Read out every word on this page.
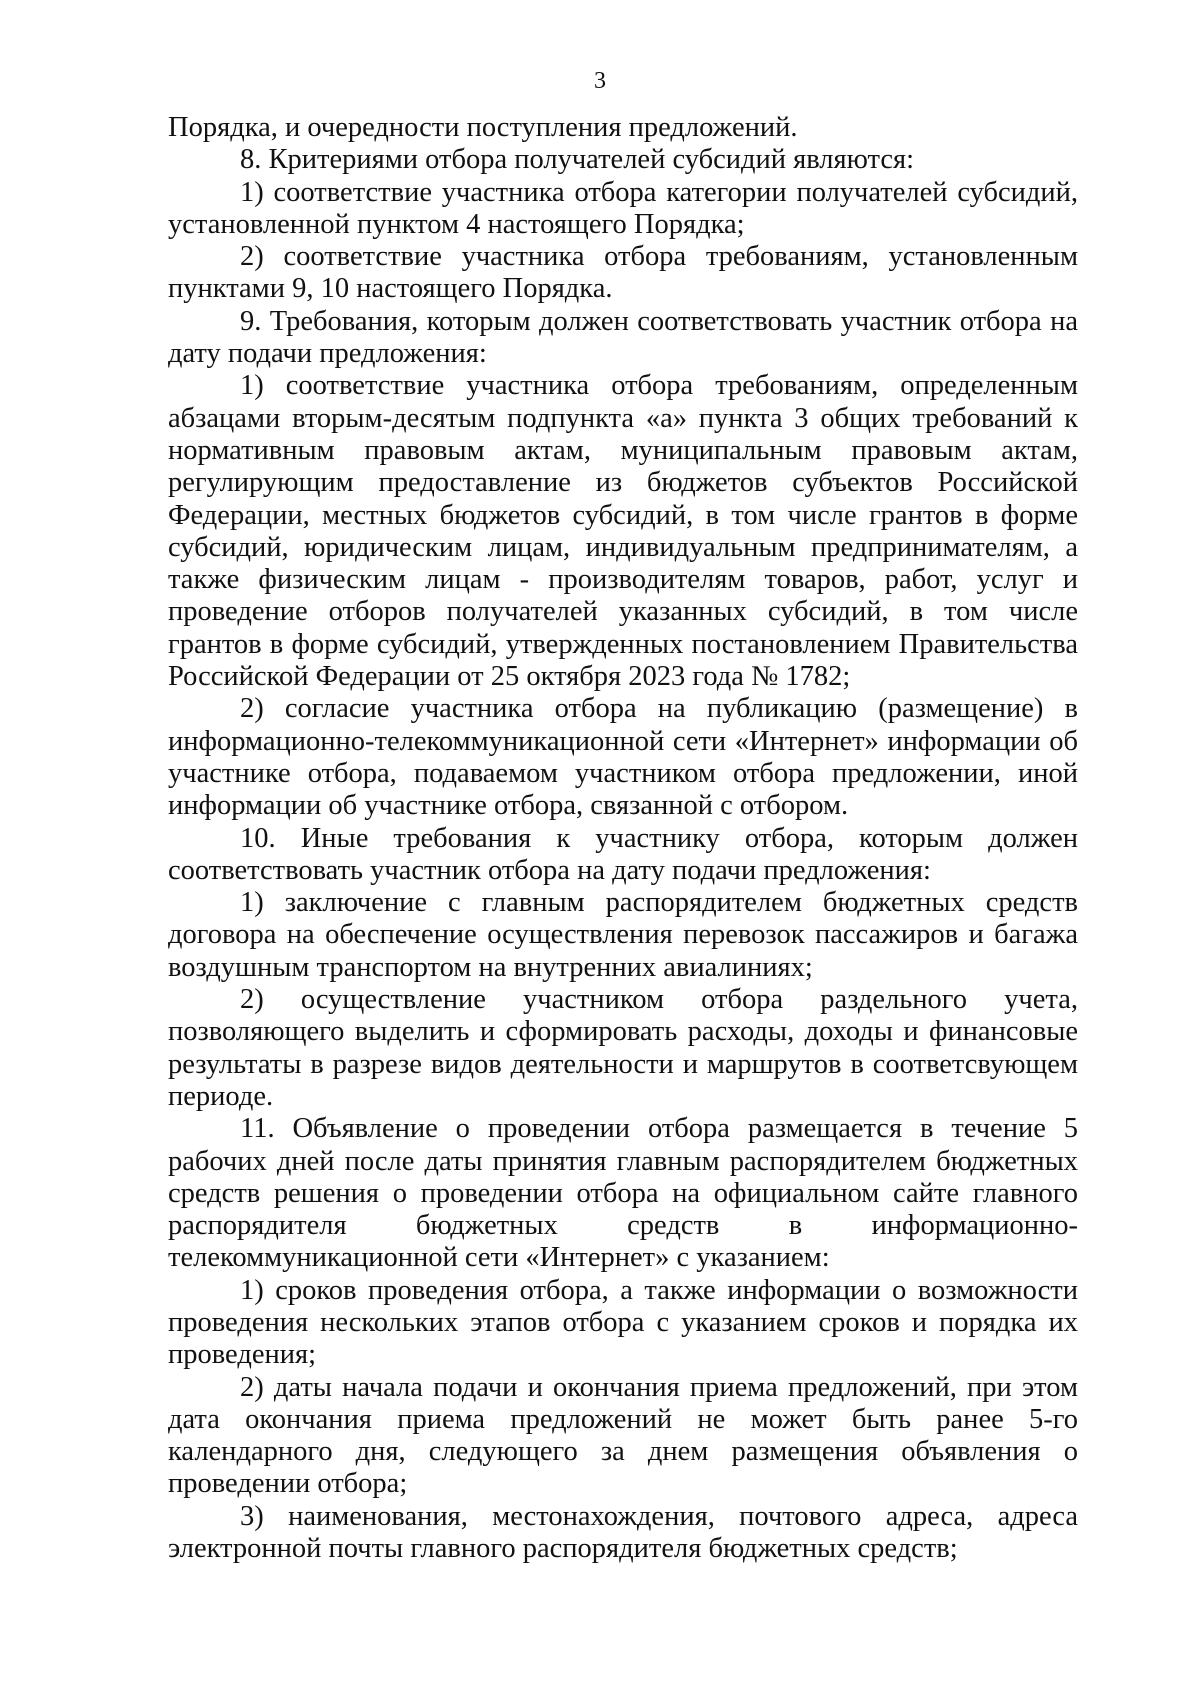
3

Порядка, и очередности поступления предложений.

8. Критериями отбора получателей субсидий являются:

1) соответствие участника отбора категории получателей субсидий, установленной пунктом 4 настоящего Порядка;

2) соответствие участника отбора требованиям, установленным пунктами 9, 10 настоящего Порядка.

9. Требования, которым должен соответствовать участник отбора на дату подачи предложения:

1) соответствие участника отбора требованиям, определенным абзацами вторым-десятым подпункта «а» пункта 3 общих требований к нормативным правовым актам, муниципальным правовым актам, регулирующим предоставление из бюджетов субъектов Российской Федерации, местных бюджетов субсидий, в том числе грантов в форме субсидий, юридическим лицам, индивидуальным предпринимателям, а также физическим лицам - производителям товаров, работ, услуг и проведение отборов получателей указанных субсидий, в том числе грантов в форме субсидий, утвержденных постановлением Правительства Российской Федерации от 25 октября 2023 года № 1782;

2) согласие участника отбора на публикацию (размещение) в информационно-телекоммуникационной сети «Интернет» информации об участнике отбора, подаваемом участником отбора предложении, иной информации об участнике отбора, связанной с отбором.

10. Иные требования к участнику отбора, которым должен соответствовать участник отбора на дату подачи предложения:

1) заключение с главным распорядителем бюджетных средств договора на обеспечение осуществления перевозок пассажиров и багажа воздушным транспортом на внутренних авиалиниях;

2) осуществление участником отбора раздельного учета, позволяющего выделить и сформировать расходы, доходы и финансовые результаты в разрезе видов деятельности и маршрутов в соответсвующем периоде.

11. Объявление о проведении отбора размещается в течение 5 рабочих дней после даты принятия главным распорядителем бюджетных средств решения о проведении отбора на официальном сайте главного распорядителя бюджетных средств в информационно-телекоммуникационной сети «Интернет» с указанием:

1) сроков проведения отбора, а также информации о возможности проведения нескольких этапов отбора с указанием сроков и порядка их проведения;

2) даты начала подачи и окончания приема предложений, при этом дата окончания приема предложений не может быть ранее 5-го календарного дня, следующего за днем размещения объявления о проведении отбора;

3) наименования, местонахождения, почтового адреса, адреса электронной почты главного распорядителя бюджетных средств;
